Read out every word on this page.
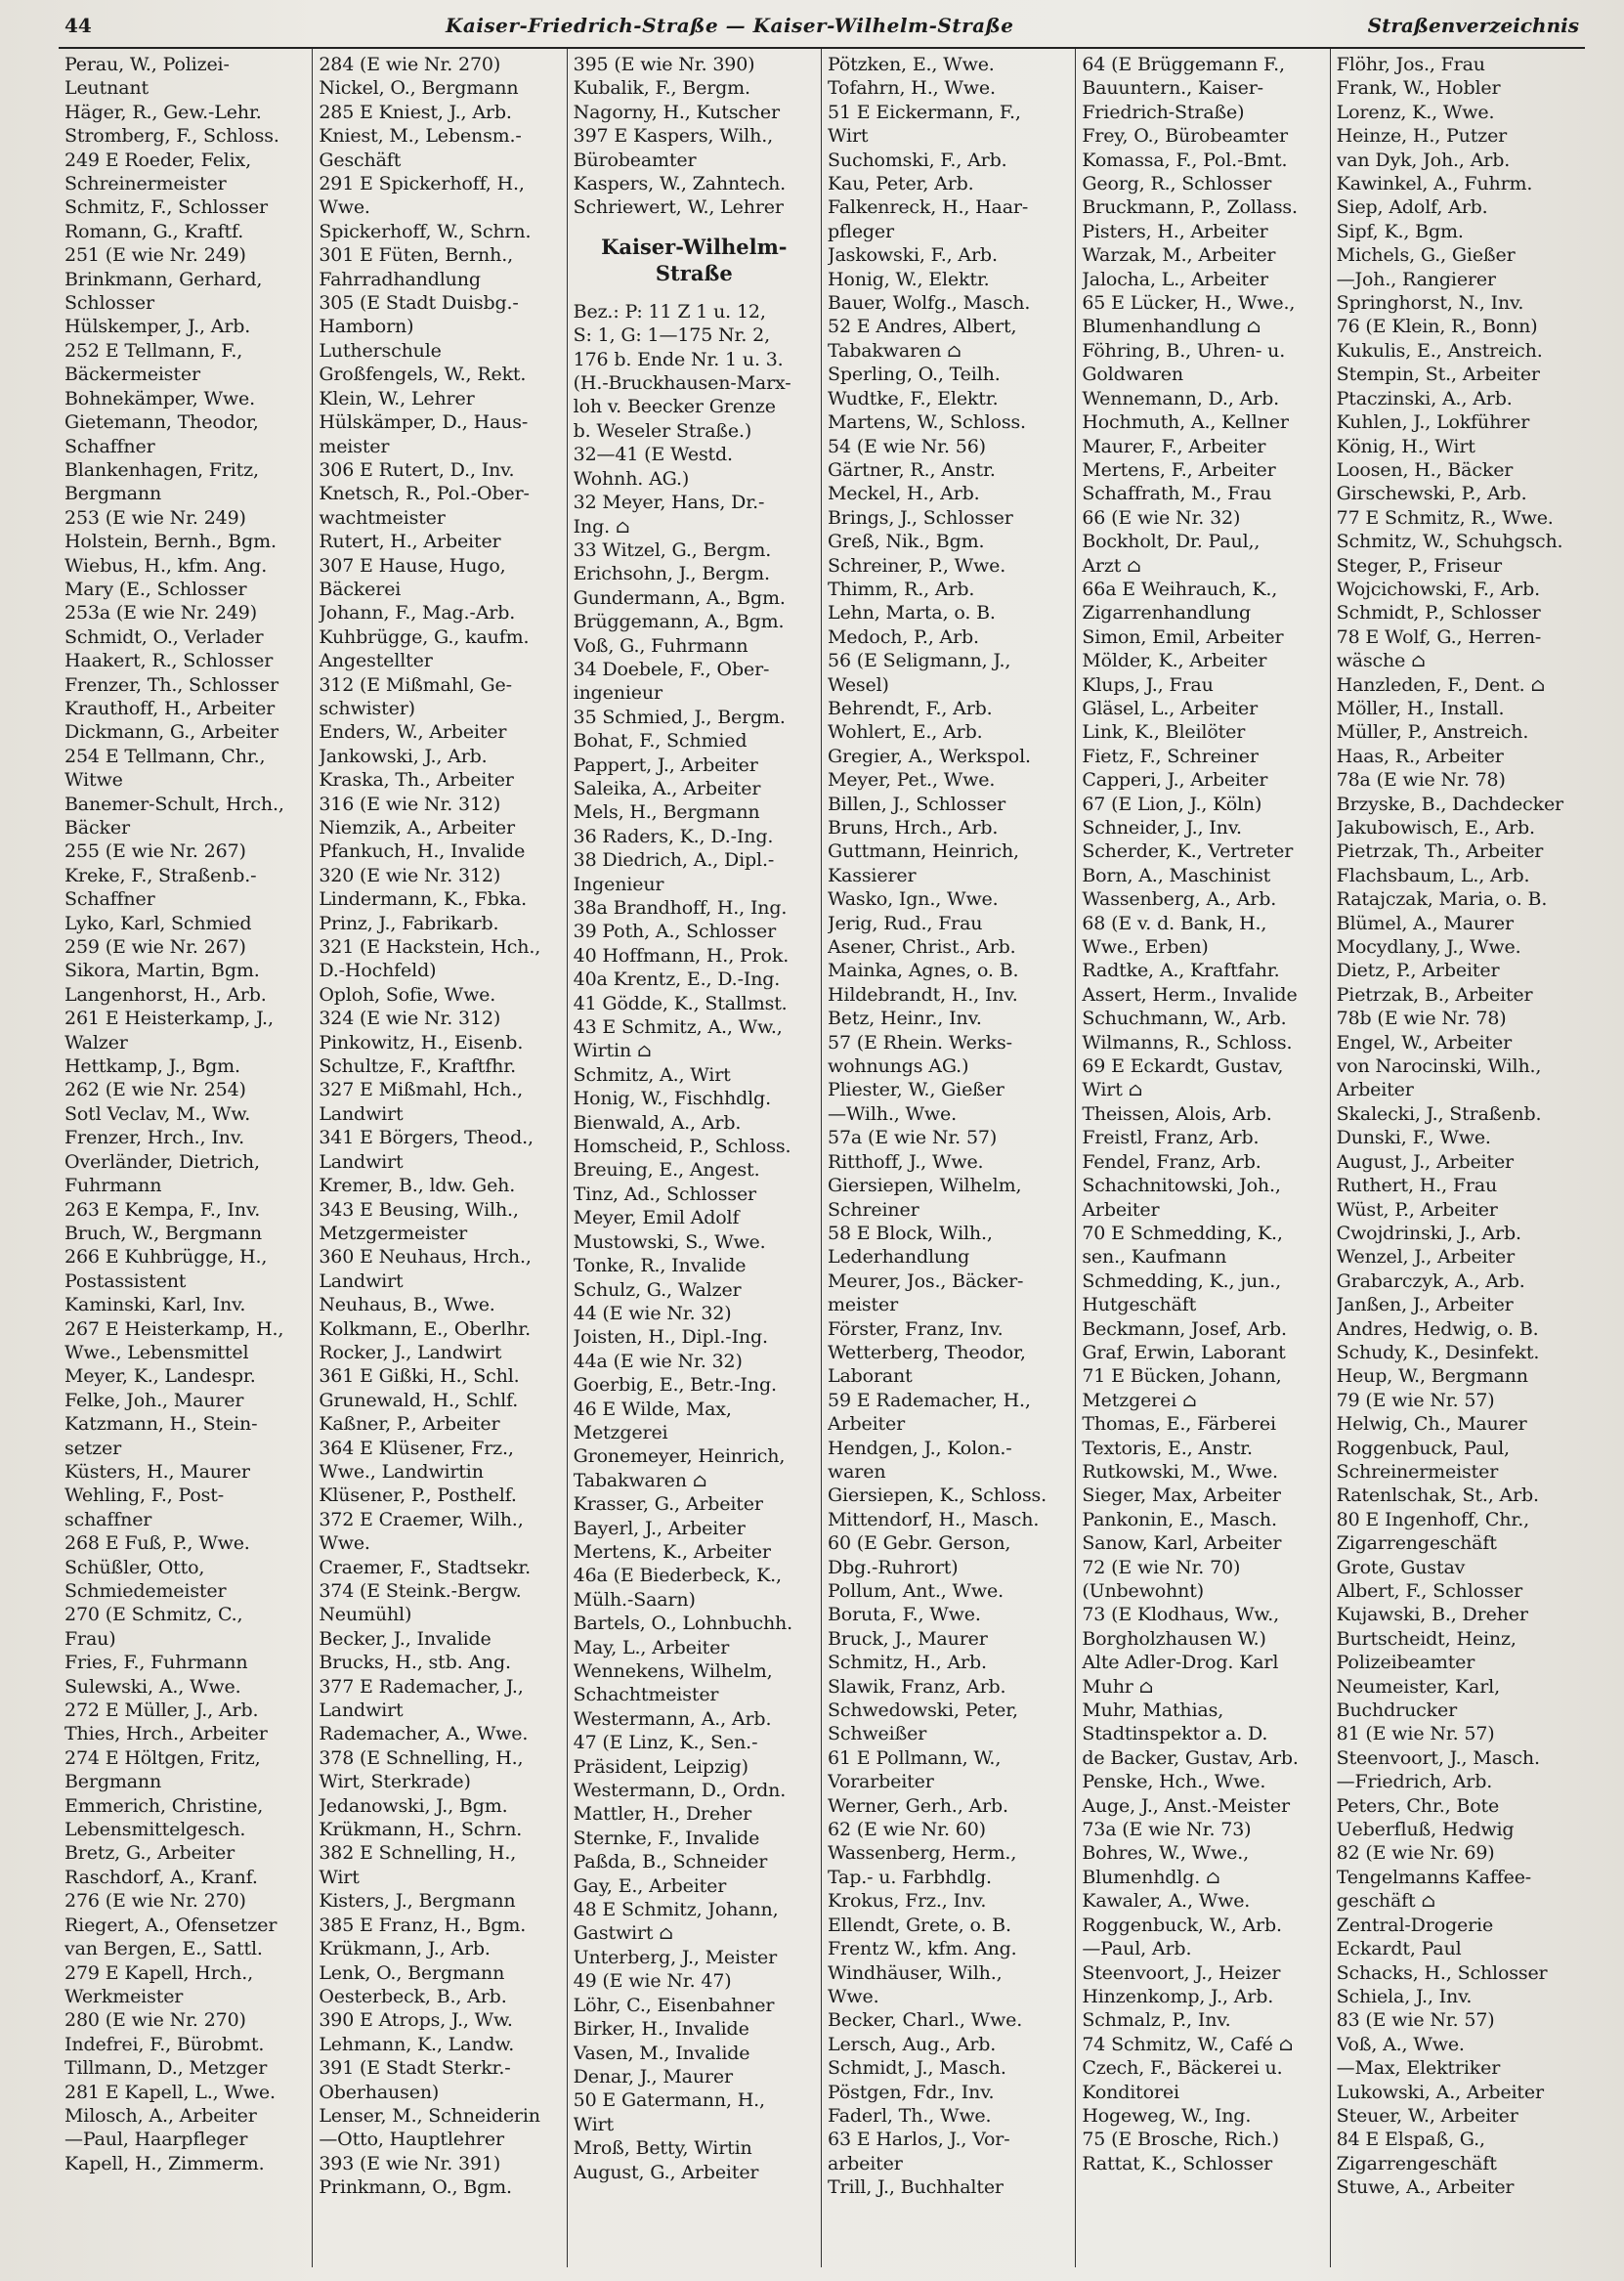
44	Kaiser-Friedrich-Straße — Kaiser-Wilhelm-Straße	Straßenverzeichnis
Perau, W., Polizei-
Leutnant
Häger, R., Gew.-Lehr.
Stromberg, F., Schloss.
249 E Roeder, Felix,
Schreinermeister
Schmitz, F., Schlosser
Romann, G., Kraftf.
251 (E wie Nr. 249)
Brinkmann, Gerhard,
Schlosser
Hülskemper, J., Arb.
252 E Tellmann, F.,
Bäckermeister
Bohnekämper, Wwe.
Gietemann, Theodor,
Schaffner
Blankenhagen, Fritz,
Bergmann
253 (E wie Nr. 249)
Holstein, Bernh., Bgm.
Wiebus, H., kfm. Ang.
Mary (E., Schlosser
253a (E wie Nr. 249)
Schmidt, O., Verlader
Haakert, R., Schlosser
Frenzer, Th., Schlosser
Krauthoff, H., Arbeiter
Dickmann, G., Arbeiter
254 E Tellmann, Chr.,
Witwe
Banemer-Schult, Hrch.,
Bäcker
255 (E wie Nr. 267)
Kreke, F., Straßenb.-
Schaffner
Lyko, Karl, Schmied
259 (E wie Nr. 267)
Sikora, Martin, Bgm.
Langenhorst, H., Arb.
261 E Heisterkamp, J.,
Walzer
Hettkamp, J., Bgm.
262 (E wie Nr. 254)
Sotl Veclav, M., Ww.
Frenzer, Hrch., Inv.
Overländer, Dietrich,
Fuhrmann
263 E Kempa, F., Inv.
Bruch, W., Bergmann
266 E Kuhbrügge, H.,
Postassistent
Kaminski, Karl, Inv.
267 E Heisterkamp, H.,
Wwe., Lebensmittel
Meyer, K., Landespr.
Felke, Joh., Maurer
Katzmann, H., Stein-
setzer
Küsters, H., Maurer
Wehling, F., Post-
schaffner
268 E Fuß, P., Wwe.
Schüßler, Otto,
Schmiedemeister
270 (E Schmitz, C.,
Frau)
Fries, F., Fuhrmann
Sulewski, A., Wwe.
272 E Müller, J., Arb.
Thies, Hrch., Arbeiter
274 E Höltgen, Fritz,
Bergmann
Emmerich, Christine,
Lebensmittelgesch.
Bretz, G., Arbeiter
Raschdorf, A., Kranf.
276 (E wie Nr. 270)
Riegert, A., Ofensetzer
van Bergen, E., Sattl.
279 E Kapell, Hrch.,
Werkmeister
280 (E wie Nr. 270)
Indefrei, F., Bürobmt.
Tillmann, D., Metzger
281 E Kapell, L., Wwe.
Milosch, A., Arbeiter
—Paul, Haarpfleger
Kapell, H., Zimmerm.
284 (E wie Nr. 270)
Nickel, O., Bergmann
285 E Kniest, J., Arb.
Kniest, M., Lebensm.-
Geschäft
291 E Spickerhoff, H.,
Wwe.
Spickerhoff, W., Schrn.
301 E Füten, Bernh.,
Fahrradhandlung
305 (E Stadt Duisbg.-
Hamborn)
Lutherschule
Großfengels, W., Rekt.
Klein, W., Lehrer
Hülskämper, D., Haus-
meister
306 E Rutert, D., Inv.
Knetsch, R., Pol.-Ober-
wachtmeister
Rutert, H., Arbeiter
307 E Hause, Hugo,
Bäckerei
Johann, F., Mag.-Arb.
Kuhbrügge, G., kaufm.
Angestellter
312 (E Mißmahl, Ge-
schwister)
Enders, W., Arbeiter
Jankowski, J., Arb.
Kraska, Th., Arbeiter
316 (E wie Nr. 312)
Niemzik, A., Arbeiter
Pfankuch, H., Invalide
320 (E wie Nr. 312)
Lindermann, K., Fbka.
Prinz, J., Fabrikarb.
321 (E Hackstein, Hch.,
D.-Hochfeld)
Oploh, Sofie, Wwe.
324 (E wie Nr. 312)
Pinkowitz, H., Eisenb.
Schultze, F., Kraftfhr.
327 E Mißmahl, Hch.,
Landwirt
341 E Börgers, Theod.,
Landwirt
Kremer, B., ldw. Geh.
343 E Beusing, Wilh.,
Metzgermeister
360 E Neuhaus, Hrch.,
Landwirt
Neuhaus, B., Wwe.
Kolkmann, E., Oberlhr.
Rocker, J., Landwirt
361 E Gißki, H., Schl.
Grunewald, H., Schlf.
Kaßner, P., Arbeiter
364 E Klüsener, Frz.,
Wwe., Landwirtin
Klüsener, P., Posthelf.
372 E Craemer, Wilh.,
Wwe.
Craemer, F., Stadtsekr.
374 (E Steink.-Bergw.
Neumühl)
Becker, J., Invalide
Brucks, H., stb. Ang.
377 E Rademacher, J.,
Landwirt
Rademacher, A., Wwe.
378 (E Schnelling, H.,
Wirt, Sterkrade)
Jedanowski, J., Bgm.
Krükmann, H., Schrn.
382 E Schnelling, H.,
Wirt
Kisters, J., Bergmann
385 E Franz, H., Bgm.
Krükmann, J., Arb.
Lenk, O., Bergmann
Oesterbeck, B., Arb.
390 E Atrops, J., Ww.
Lehmann, K., Landw.
391 (E Stadt Sterkr.-
Oberhausen)
Lenser, M., Schneiderin
—Otto, Hauptlehrer
393 (E wie Nr. 391)
Prinkmann, O., Bgm.
395 (E wie Nr. 390)
Kubalik, F., Bergm.
Nagorny, H., Kutscher
397 E Kaspers, Wilh.,
Bürobeamter
Kaspers, W., Zahntech.
Schriewert, W., Lehrer
Kaiser-Wilhelm-
Straße
Bez.: P: 11 Z 1 u. 12,
S: 1, G: 1—175 Nr. 2,
176 b. Ende Nr. 1 u. 3.
(H.-Bruckhausen-Marx-
loh v. Beecker Grenze
b. Weseler Straße.)
32—41 (E Westd.
Wohnh. AG.)
32 Meyer, Hans, Dr.-
Ing. ⌂
33 Witzel, G., Bergm.
Erichsohn, J., Bergm.
Gundermann, A., Bgm.
Brüggemann, A., Bgm.
Voß, G., Fuhrmann
34 Doebele, F., Ober-
ingenieur
35 Schmied, J., Bergm.
Bohat, F., Schmied
Pappert, J., Arbeiter
Saleika, A., Arbeiter
Mels, H., Bergmann
36 Raders, K., D.-Ing.
38 Diedrich, A., Dipl.-
Ingenieur
38a Brandhoff, H., Ing.
39 Poth, A., Schlosser
40 Hoffmann, H., Prok.
40a Krentz, E., D.-Ing.
41 Gödde, K., Stallmst.
43 E Schmitz, A., Ww.,
Wirtin ⌂
Schmitz, A., Wirt
Honig, W., Fischhdlg.
Bienwald, A., Arb.
Homscheid, P., Schloss.
Breuing, E., Angest.
Tinz, Ad., Schlosser
Meyer, Emil Adolf
Mustowski, S., Wwe.
Tonke, R., Invalide
Schulz, G., Walzer
44 (E wie Nr. 32)
Joisten, H., Dipl.-Ing.
44a (E wie Nr. 32)
Goerbig, E., Betr.-Ing.
46 E Wilde, Max,
Metzgerei
Gronemeyer, Heinrich,
Tabakwaren ⌂
Krasser, G., Arbeiter
Bayerl, J., Arbeiter
Mertens, K., Arbeiter
46a (E Biederbeck, K.,
Mülh.-Saarn)
Bartels, O., Lohnbuchh.
May, L., Arbeiter
Wennekens, Wilhelm,
Schachtmeister
Westermann, A., Arb.
47 (E Linz, K., Sen.-
Präsident, Leipzig)
Westermann, D., Ordn.
Mattler, H., Dreher
Sternke, F., Invalide
Paßda, B., Schneider
Gay, E., Arbeiter
48 E Schmitz, Johann,
Gastwirt ⌂
Unterberg, J., Meister
49 (E wie Nr. 47)
Löhr, C., Eisenbahner
Birker, H., Invalide
Vasen, M., Invalide
Denar, J., Maurer
50 E Gatermann, H.,
Wirt
Mroß, Betty, Wirtin
August, G., Arbeiter
Pötzken, E., Wwe.
Tofahrn, H., Wwe.
51 E Eickermann, F.,
Wirt
Suchomski, F., Arb.
Kau, Peter, Arb.
Falkenreck, H., Haar-
pfleger
Jaskowski, F., Arb.
Honig, W., Elektr.
Bauer, Wolfg., Masch.
52 E Andres, Albert,
Tabakwaren ⌂
Sperling, O., Teilh.
Wudtke, F., Elektr.
Martens, W., Schloss.
54 (E wie Nr. 56)
Gärtner, R., Anstr.
Meckel, H., Arb.
Brings, J., Schlosser
Greß, Nik., Bgm.
Schreiner, P., Wwe.
Thimm, R., Arb.
Lehn, Marta, o. B.
Medoch, P., Arb.
56 (E Seligmann, J.,
Wesel)
Behrendt, F., Arb.
Wohlert, E., Arb.
Gregier, A., Werkspol.
Meyer, Pet., Wwe.
Billen, J., Schlosser
Bruns, Hrch., Arb.
Guttmann, Heinrich,
Kassierer
Wasko, Ign., Wwe.
Jerig, Rud., Frau
Asener, Christ., Arb.
Mainka, Agnes, o. B.
Hildebrandt, H., Inv.
Betz, Heinr., Inv.
57 (E Rhein. Werks-
wohnungs AG.)
Pliester, W., Gießer
—Wilh., Wwe.
57a (E wie Nr. 57)
Ritthoff, J., Wwe.
Giersiepen, Wilhelm,
Schreiner
58 E Block, Wilh.,
Lederhandlung
Meurer, Jos., Bäcker-
meister
Förster, Franz, Inv.
Wetterberg, Theodor,
Laborant
59 E Rademacher, H.,
Arbeiter
Hendgen, J., Kolon.-
waren
Giersiepen, K., Schloss.
Mittendorf, H., Masch.
60 (E Gebr. Gerson,
Dbg.-Ruhrort)
Pollum, Ant., Wwe.
Boruta, F., Wwe.
Bruck, J., Maurer
Schmitz, H., Arb.
Slawik, Franz, Arb.
Schwedowski, Peter,
Schweißer
61 E Pollmann, W.,
Vorarbeiter
Werner, Gerh., Arb.
62 (E wie Nr. 60)
Wassenberg, Herm.,
Tap.- u. Farbhdlg.
Krokus, Frz., Inv.
Ellendt, Grete, o. B.
Frentz W., kfm. Ang.
Windhäuser, Wilh.,
Wwe.
Becker, Charl., Wwe.
Lersch, Aug., Arb.
Schmidt, J., Masch.
Pöstgen, Fdr., Inv.
Faderl, Th., Wwe.
63 E Harlos, J., Vor-
arbeiter
Trill, J., Buchhalter
64 (E Brüggemann F.,
Bauuntern., Kaiser-
Friedrich-Straße)
Frey, O., Bürobeamter
Komassa, F., Pol.-Bmt.
Georg, R., Schlosser
Bruckmann, P., Zollass.
Pisters, H., Arbeiter
Warzak, M., Arbeiter
Jalocha, L., Arbeiter
65 E Lücker, H., Wwe.,
Blumenhandlung ⌂
Föhring, B., Uhren- u.
Goldwaren
Wennemann, D., Arb.
Hochmuth, A., Kellner
Maurer, F., Arbeiter
Mertens, F., Arbeiter
Schaffrath, M., Frau
66 (E wie Nr. 32)
Bockholt, Dr. Paul,,
Arzt ⌂
66a E Weihrauch, K.,
Zigarrenhandlung
Simon, Emil, Arbeiter
Mölder, K., Arbeiter
Klups, J., Frau
Gläsel, L., Arbeiter
Link, K., Bleilöter
Fietz, F., Schreiner
Capperi, J., Arbeiter
67 (E Lion, J., Köln)
Schneider, J., Inv.
Scherder, K., Vertreter
Born, A., Maschinist
Wassenberg, A., Arb.
68 (E v. d. Bank, H.,
Wwe., Erben)
Radtke, A., Kraftfahr.
Assert, Herm., Invalide
Schuchmann, W., Arb.
Wilmanns, R., Schloss.
69 E Eckardt, Gustav,
Wirt ⌂
Theissen, Alois, Arb.
Freistl, Franz, Arb.
Fendel, Franz, Arb.
Schachnitowski, Joh.,
Arbeiter
70 E Schmedding, K.,
sen., Kaufmann
Schmedding, K., jun.,
Hutgeschäft
Beckmann, Josef, Arb.
Graf, Erwin, Laborant
71 E Bücken, Johann,
Metzgerei ⌂
Thomas, E., Färberei
Textoris, E., Anstr.
Rutkowski, M., Wwe.
Sieger, Max, Arbeiter
Pankonin, E., Masch.
Sanow, Karl, Arbeiter
72 (E wie Nr. 70)
(Unbewohnt)
73 (E Klodhaus, Ww.,
Borgholzhausen W.)
Alte Adler-Drog. Karl
Muhr ⌂
Muhr, Mathias,
Stadtinspektor a. D.
de Backer, Gustav, Arb.
Penske, Hch., Wwe.
Auge, J., Anst.-Meister
73a (E wie Nr. 73)
Bohres, W., Wwe.,
Blumenhdlg. ⌂
Kawaler, A., Wwe.
Roggenbuck, W., Arb.
—Paul, Arb.
Steenvoort, J., Heizer
Hinzenkomp, J., Arb.
Schmalz, P., Inv.
74 Schmitz, W., Café ⌂
Czech, F., Bäckerei u.
Konditorei
Hogeweg, W., Ing.
75 (E Brosche, Rich.)
Rattat, K., Schlosser
Flöhr, Jos., Frau
Frank, W., Hobler
Lorenz, K., Wwe.
Heinze, H., Putzer
van Dyk, Joh., Arb.
Kawinkel, A., Fuhrm.
Siep, Adolf, Arb.
Sipf, K., Bgm.
Michels, G., Gießer
—Joh., Rangierer
Springhorst, N., Inv.
76 (E Klein, R., Bonn)
Kukulis, E., Anstreich.
Stempin, St., Arbeiter
Ptaczinski, A., Arb.
Kuhlen, J., Lokführer
König, H., Wirt
Loosen, H., Bäcker
Girschewski, P., Arb.
77 E Schmitz, R., Wwe.
Schmitz, W., Schuhgsch.
Steger, P., Friseur
Wojcichowski, F., Arb.
Schmidt, P., Schlosser
78 E Wolf, G., Herren-
wäsche ⌂
Hanzleden, F., Dent. ⌂
Möller, H., Install.
Müller, P., Anstreich.
Haas, R., Arbeiter
78a (E wie Nr. 78)
Brzyske, B., Dachdecker
Jakubowisch, E., Arb.
Pietrzak, Th., Arbeiter
Flachsbaum, L., Arb.
Ratajczak, Maria, o. B.
Blümel, A., Maurer
Mocydlany, J., Wwe.
Dietz, P., Arbeiter
Pietrzak, B., Arbeiter
78b (E wie Nr. 78)
Engel, W., Arbeiter
von Narocinski, Wilh.,
Arbeiter
Skalecki, J., Straßenb.
Dunski, F., Wwe.
August, J., Arbeiter
Ruthert, H., Frau
Wüst, P., Arbeiter
Cwojdrinski, J., Arb.
Wenzel, J., Arbeiter
Grabarczyk, A., Arb.
Janßen, J., Arbeiter
Andres, Hedwig, o. B.
Schudy, K., Desinfekt.
Heup, W., Bergmann
79 (E wie Nr. 57)
Helwig, Ch., Maurer
Roggenbuck, Paul,
Schreinermeister
Ratenlschak, St., Arb.
80 E Ingenhoff, Chr.,
Zigarrengeschäft
Grote, Gustav
Albert, F., Schlosser
Kujawski, B., Dreher
Burtscheidt, Heinz,
Polizeibeamter
Neumeister, Karl,
Buchdrucker
81 (E wie Nr. 57)
Steenvoort, J., Masch.
—Friedrich, Arb.
Peters, Chr., Bote
Ueberfluß, Hedwig
82 (E wie Nr. 69)
Tengelmanns Kaffee-
geschäft ⌂
Zentral-Drogerie
Eckardt, Paul
Schacks, H., Schlosser
Schiela, J., Inv.
83 (E wie Nr. 57)
Voß, A., Wwe.
—Max, Elektriker
Lukowski, A., Arbeiter
Steuer, W., Arbeiter
84 E Elspaß, G.,
Zigarrengeschäft
Stuwe, A., Arbeiter
